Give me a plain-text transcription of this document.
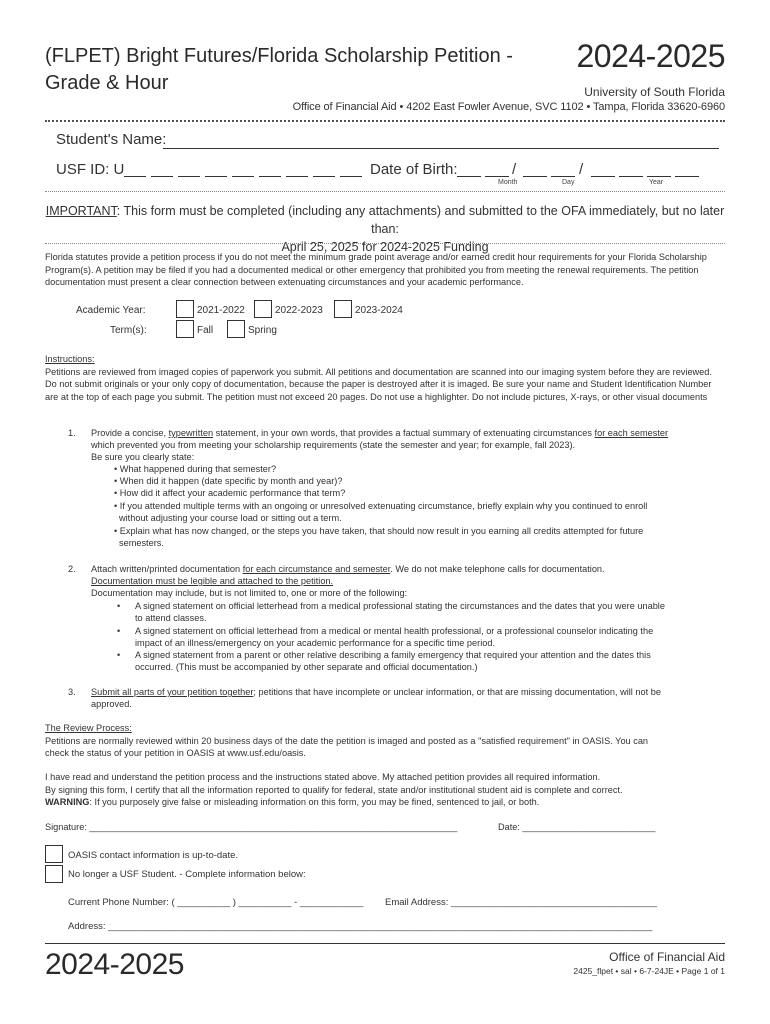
(FLPET) Bright Futures/Florida Scholarship Petition -
Grade & Hour
2024-2025
University of South Florida
Office of Financial Aid • 4202 East Fowler Avenue, SVC 1102 • Tampa, Florida 33620-6960
Student's Name:
USF ID: U	Date of Birth:	/	/
Month	Day	Year
IMPORTANT: This form must be completed (including any attachments) and submitted to the OFA immediately, but no later than:
April 25, 2025 for 2024-2025 Funding
Florida statutes provide a petition process if you do not meet the minimum grade point average and/or earned credit hour requirements for your Florida Scholarship Program(s). A petition may be filed if you had a documented medical or other emergency that prohibited you from meeting the renewal requirements. The petition documentation must present a clear connection between extenuating circumstances and your academic performance.
Academic Year:	2021-2022	2022-2023	2023-2024
Term(s):	Fall	Spring
Instructions:
Petitions are reviewed from imaged copies of paperwork you submit. All petitions and documentation are scanned into our imaging system before they are reviewed. Do not submit originals or your only copy of documentation, because the paper is destroyed after it is imaged. Be sure your name and Student Identification Number are at the top of each page you submit. The petition must not exceed 20 pages. Do not use a highlighter. Do not include pictures, X-rays, or other visual documents
1. Provide a concise, typewritten statement, in your own words, that provides a factual summary of extenuating circumstances for each semester
which prevented you from meeting your scholarship requirements (state the semester and year; for example, fall 2023).
Be sure you clearly state:
• What happened during that semester?
• When did it happen (date specific by month and year)?
• How did it affect your academic performance that term?
• If you attended multiple terms with an ongoing or unresolved extenuating circumstance, briefly explain why you continued to enroll
without adjusting your course load or sitting out a term.
• Explain what has now changed, or the steps you have taken, that should now result in you earning all credits attempted for future
semesters.
2. Attach written/printed documentation for each circumstance and semester. We do not make telephone calls for documentation.
Documentation must be legible and attached to the petition.
Documentation may include, but is not limited to, one or more of the following:
• A signed statement on official letterhead from a medical professional stating the circumstances and the dates that you were unable
to attend classes.
• A signed statement on official letterhead from a medical or mental health professional, or a professional counselor indicating the
impact of an illness/emergency on your academic performance for a specific time period.
• A signed statement from a parent or other relative describing a family emergency that required your attention and the dates this
occurred. (This must be accompanied by other separate and official documentation.)
3. Submit all parts of your petition together; petitions that have incomplete or unclear information, or that are missing documentation, will not be
approved.
The Review Process:
Petitions are normally reviewed within 20 business days of the date the petition is imaged and posted as a "satisfied requirement" in OASIS. You can
check the status of your petition in OASIS at www.usf.edu/oasis.
I have read and understand the petition process and the instructions stated above. My attached petition provides all required information.
By signing this form, I certify that all the information reported to qualify for federal, state and/or institutional student aid is complete and correct.
WARNING: If you purposely give false or misleading information on this form, you may be fined, sentenced to jail, or both.
Signature: ________________________________________________________________________	Date: __________________________
OASIS contact information is up-to-date.
No longer a USF Student. - Complete information below:
Current Phone Number: ( __________ ) __________ - ____________ Email Address: _______________________________________
Address: _______________________________________________________________________________________________________
2024-2025	Office of Financial Aid
2425_flpet • sal • 6-7-24JE • Page 1 of 1
